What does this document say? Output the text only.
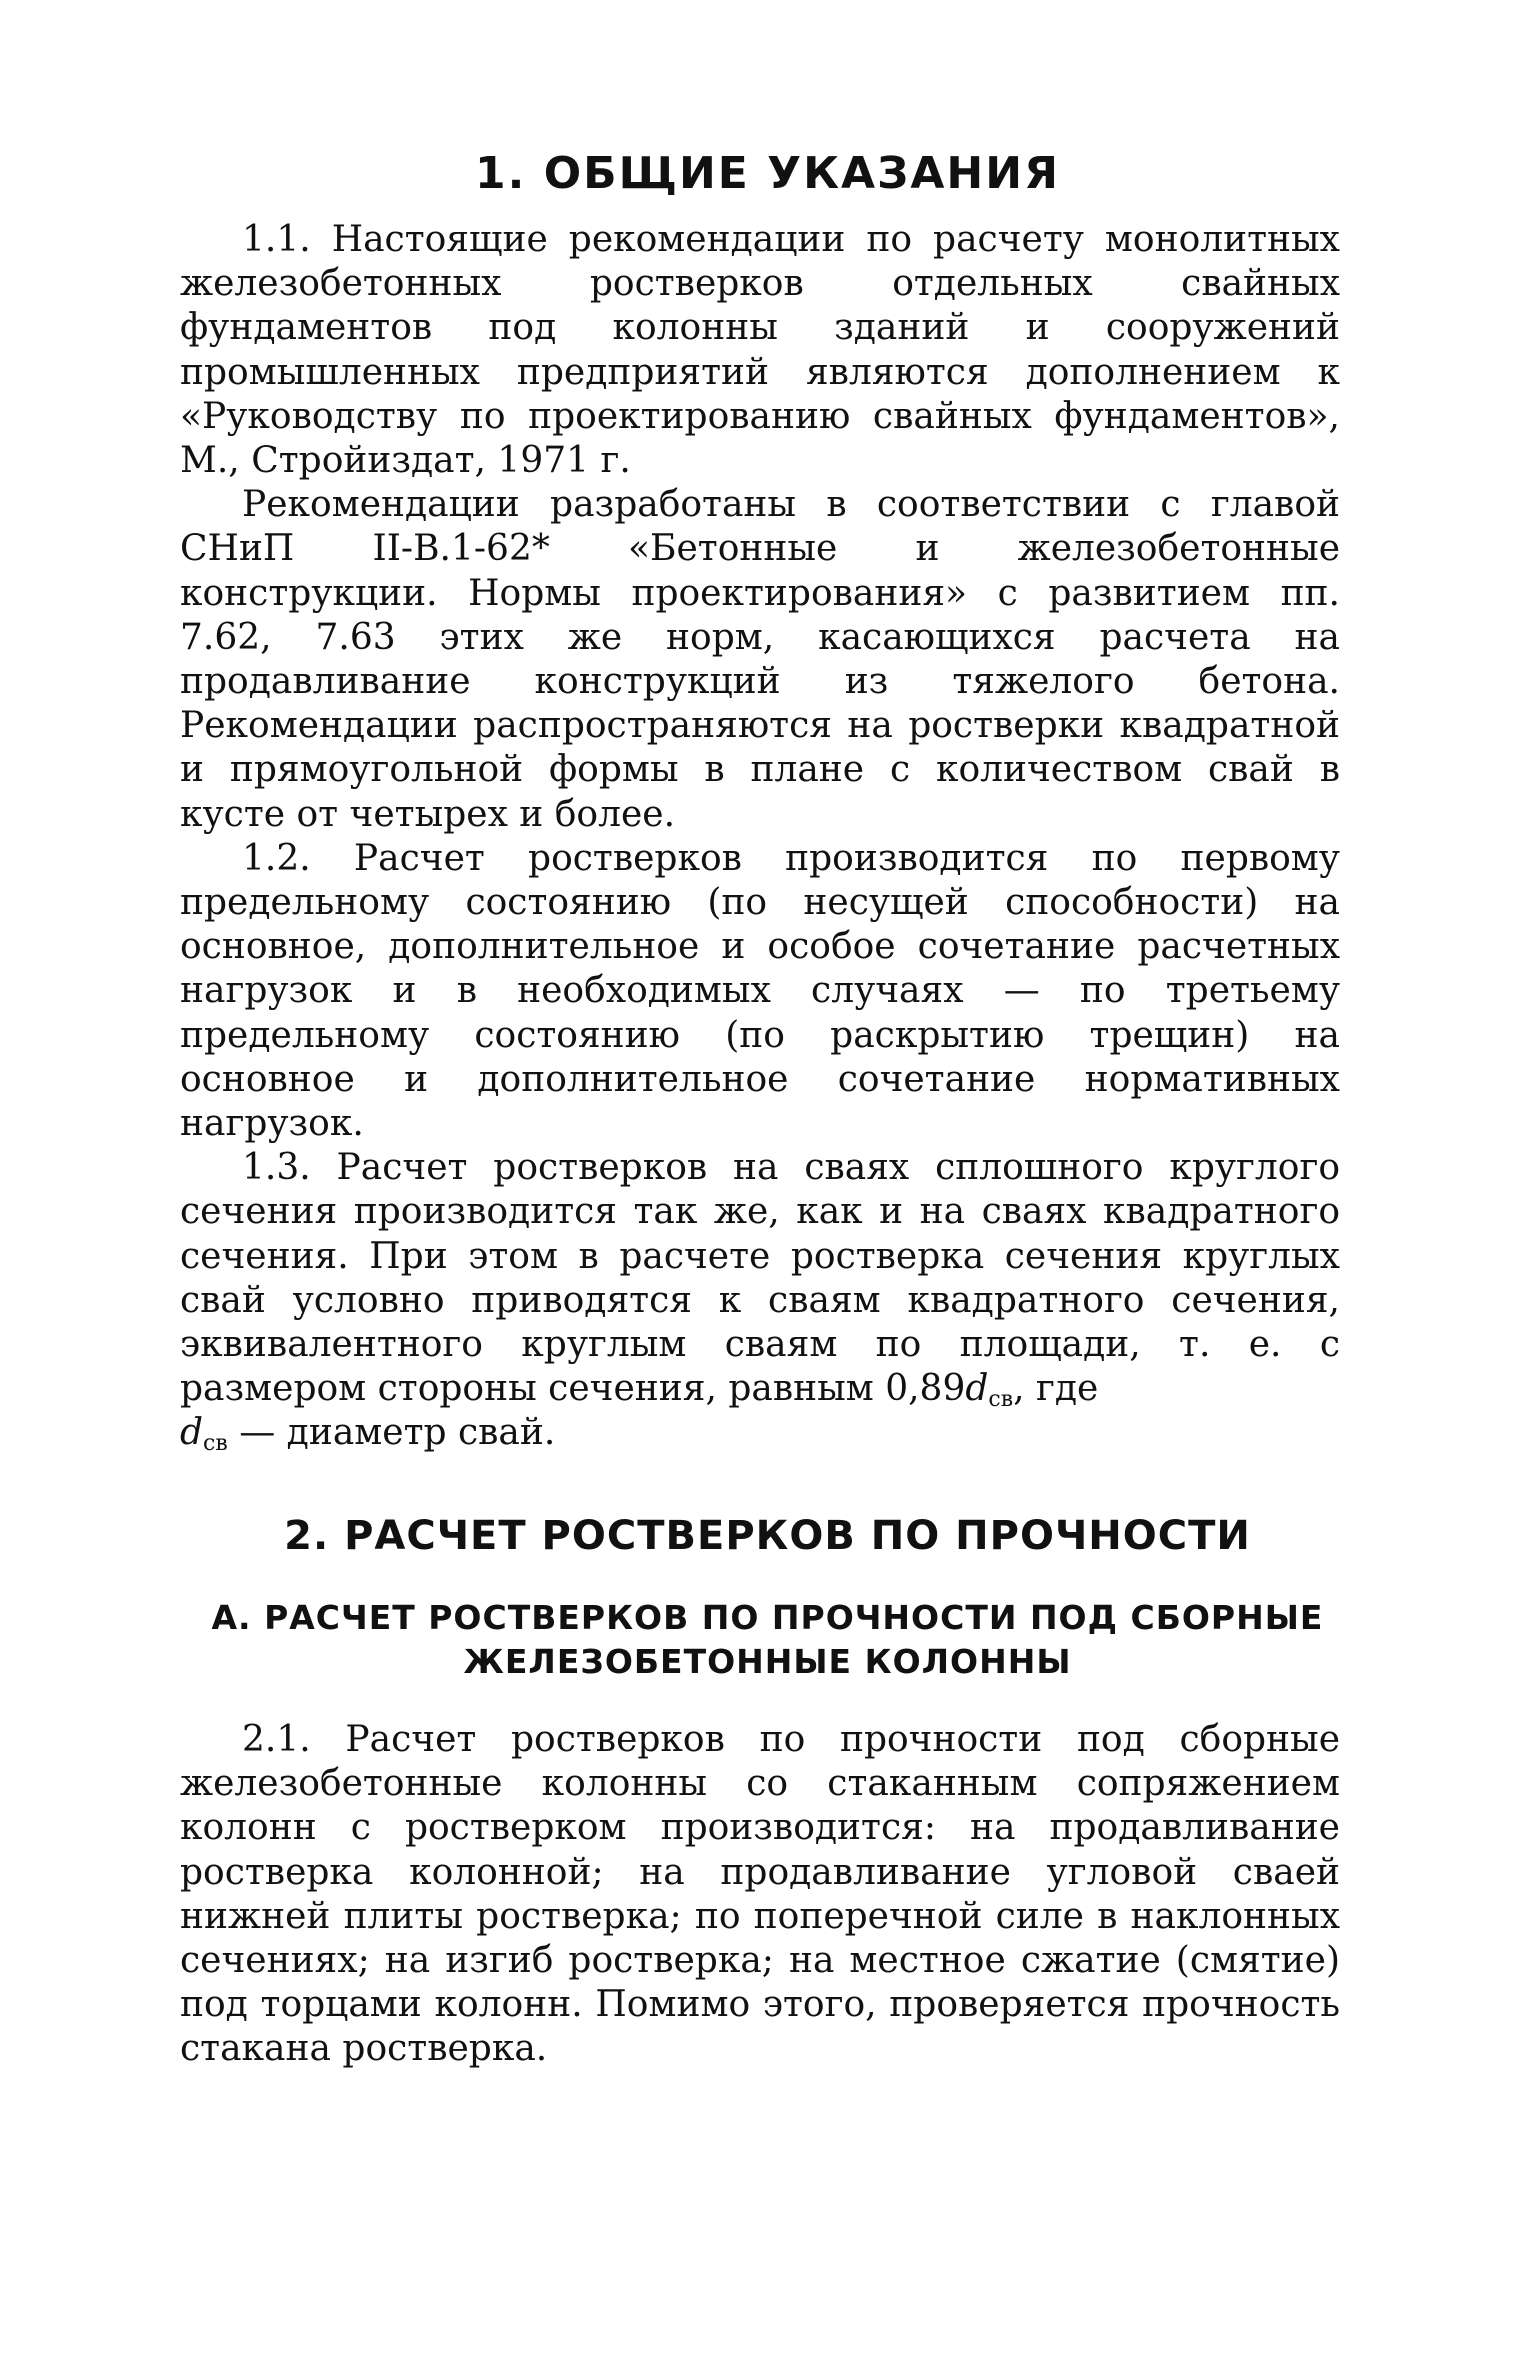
1. ОБЩИЕ УКАЗАНИЯ

1.1. Настоящие рекомендации по расчету монолитных железобетонных ростверков отдельных свайных фундаментов под колонны зданий и сооружений промышленных предприятий являются дополнением к «Руководству по проектированию свайных фундаментов», М., Стройиздат, 1971 г.

Рекомендации разработаны в соответствии с главой СНиП II-В.1-62* «Бетонные и железобетонные конструкции. Нормы проектирования» с развитием пп. 7.62, 7.63 этих же норм, касающихся расчета на продавливание конструкций из тяжелого бетона. Рекомендации распространяются на ростверки квадратной и прямоугольной формы в плане с количеством свай в кусте от четырех и более.

1.2. Расчет ростверков производится по первому предельному состоянию (по несущей способности) на основное, дополнительное и особое сочетание расчетных нагрузок и в необходимых случаях — по третьему предельному состоянию (по раскрытию трещин) на основное и дополнительное сочетание нормативных нагрузок.

1.3. Расчет ростверков на сваях сплошного круглого сечения производится так же, как и на сваях квадратного сечения. При этом в расчете ростверка сечения круглых свай условно приводятся к сваям квадратного сечения, эквивалентного круглым сваям по площади, т. е. с размером стороны сечения, равным $0,89d_{св}$, где
$d_{св}$ — диаметр свай.

2. РАСЧЕТ РОСТВЕРКОВ ПО ПРОЧНОСТИ
А. РАСЧЕТ РОСТВЕРКОВ ПО ПРОЧНОСТИ ПОД СБОРНЫЕ
ЖЕЛЕЗОБЕТОННЫЕ КОЛОННЫ

2.1. Расчет ростверков по прочности под сборные железобетонные колонны со стаканным сопряжением колонн с ростверком производится: на продавливание ростверка колонной; на продавливание угловой сваей нижней плиты ростверка; по поперечной силе в наклонных сечениях; на изгиб ростверка; на местное сжатие (смятие) под торцами колонн. Помимо этого, проверяется прочность стакана ростверка.
